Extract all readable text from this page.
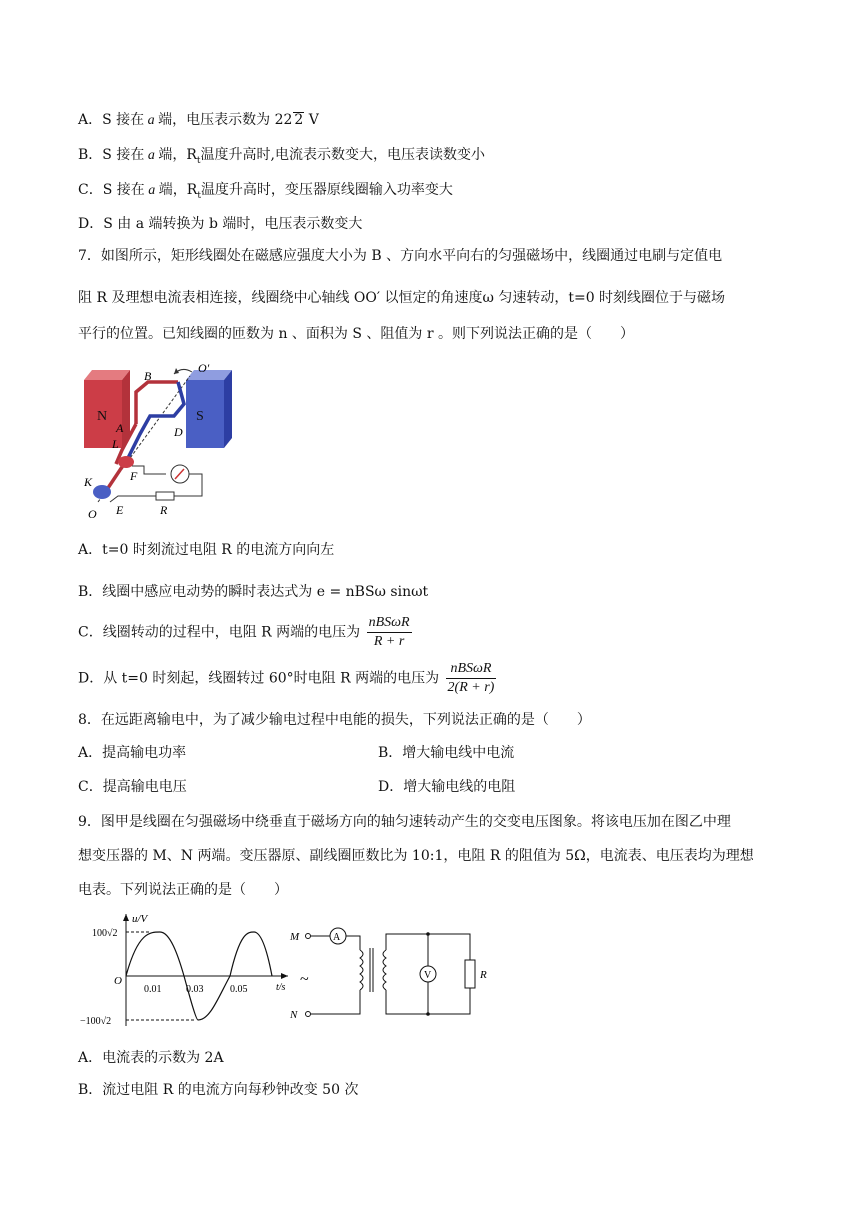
A．S 接在 a 端，电压表示数为 22 2 V
B．S 接在 a 端，$R_t$温度升高时,电流表示数变大，电压表读数变小
C．S 接在 a 端，$R_t$温度升高时，变压器原线圈输入功率变大
D．S 由 a 端转换为 b 端时，电压表示数变大
7．如图所示，矩形线圈处在磁感应强度大小为 B 、方向水平向右的匀强磁场中，线圈通过电刷与定值电
阻 R 及理想电流表相连接，线圈绕中心轴线 OO′ 以恒定的角速度ω 匀速转动，t=0 时刻线圈位于与磁场
平行的位置。已知线圈的匝数为 n 、面积为 S 、阻值为 r 。则下列说法正确的是（　　）
N	S
B
O′
A	D
L
F
K
E	R
O
A．t=0 时刻流过电阻 R 的电流方向向左
B．线圈中感应电动势的瞬时表达式为 e = nBSω sinωt
C．线圈转动的过程中，电阻 R 两端的电压为 $\frac{\text{nBSωR}}{R + r}$
D．从 t=0 时刻起，线圈转过 60°时电阻 R 两端的电压为 $\frac{\text{nBSωR}}{2(R + r)}$
8．在远距离输电中，为了减少输电过程中电能的损失，下列说法正确的是（　　）
A．提高输电功率	B．增大输电线中电流
C．提高输电电压	D．增大输电线的电阻
9．图甲是线圈在匀强磁场中绕垂直于磁场方向的轴匀速转动产生的交变电压图象。将该电压加在图乙中理
想变压器的 M、N 两端。变压器原、副线圈匝数比为 10:1，电阻 R 的阻值为 5Ω，电流表、电压表均为理想
电表。下列说法正确的是（　　）
u/V
100√2
−100√2
O
0.01 0.03	0.05	t/s ~
M
N
A
V	R
A．电流表的示数为 2A
B．流过电阻 R 的电流方向每秒钟改变 50 次
